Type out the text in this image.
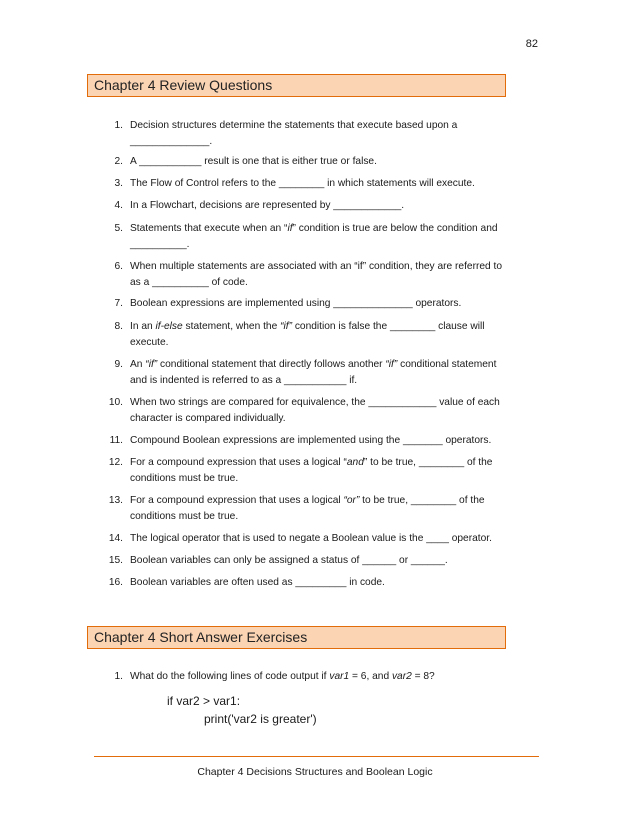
82
Chapter 4 Review Questions
1. Decision structures determine the statements that execute based upon a ______________.
2. A ___________ result is one that is either true or false.
3. The Flow of Control refers to the ________ in which statements will execute.
4. In a Flowchart, decisions are represented by ____________.
5. Statements that execute when an “if” condition is true are below the condition and __________.
6. When multiple statements are associated with an “if” condition, they are referred to as a __________ of code.
7. Boolean expressions are implemented using ______________ operators.
8. In an if-else statement, when the “if” condition is false the ________ clause will execute.
9. An “if” conditional statement that directly follows another “if” conditional statement and is indented is referred to as a ___________ if.
10. When two strings are compared for equivalence, the ____________ value of each character is compared individually.
11. Compound Boolean expressions are implemented using the _______ operators.
12. For a compound expression that uses a logical “and” to be true, ________ of the conditions must be true.
13. For a compound expression that uses a logical “or” to be true, ________ of the conditions must be true.
14. The logical operator that is used to negate a Boolean value is the ____ operator.
15. Boolean variables can only be assigned a status of ______ or ______.
16. Boolean variables are often used as _________ in code.
Chapter 4 Short Answer Exercises
1. What do the following lines of code output if var1 = 6, and var2 = 8?
if var2 > var1:
print('var2 is greater')
Chapter 4 Decisions Structures and Boolean Logic
